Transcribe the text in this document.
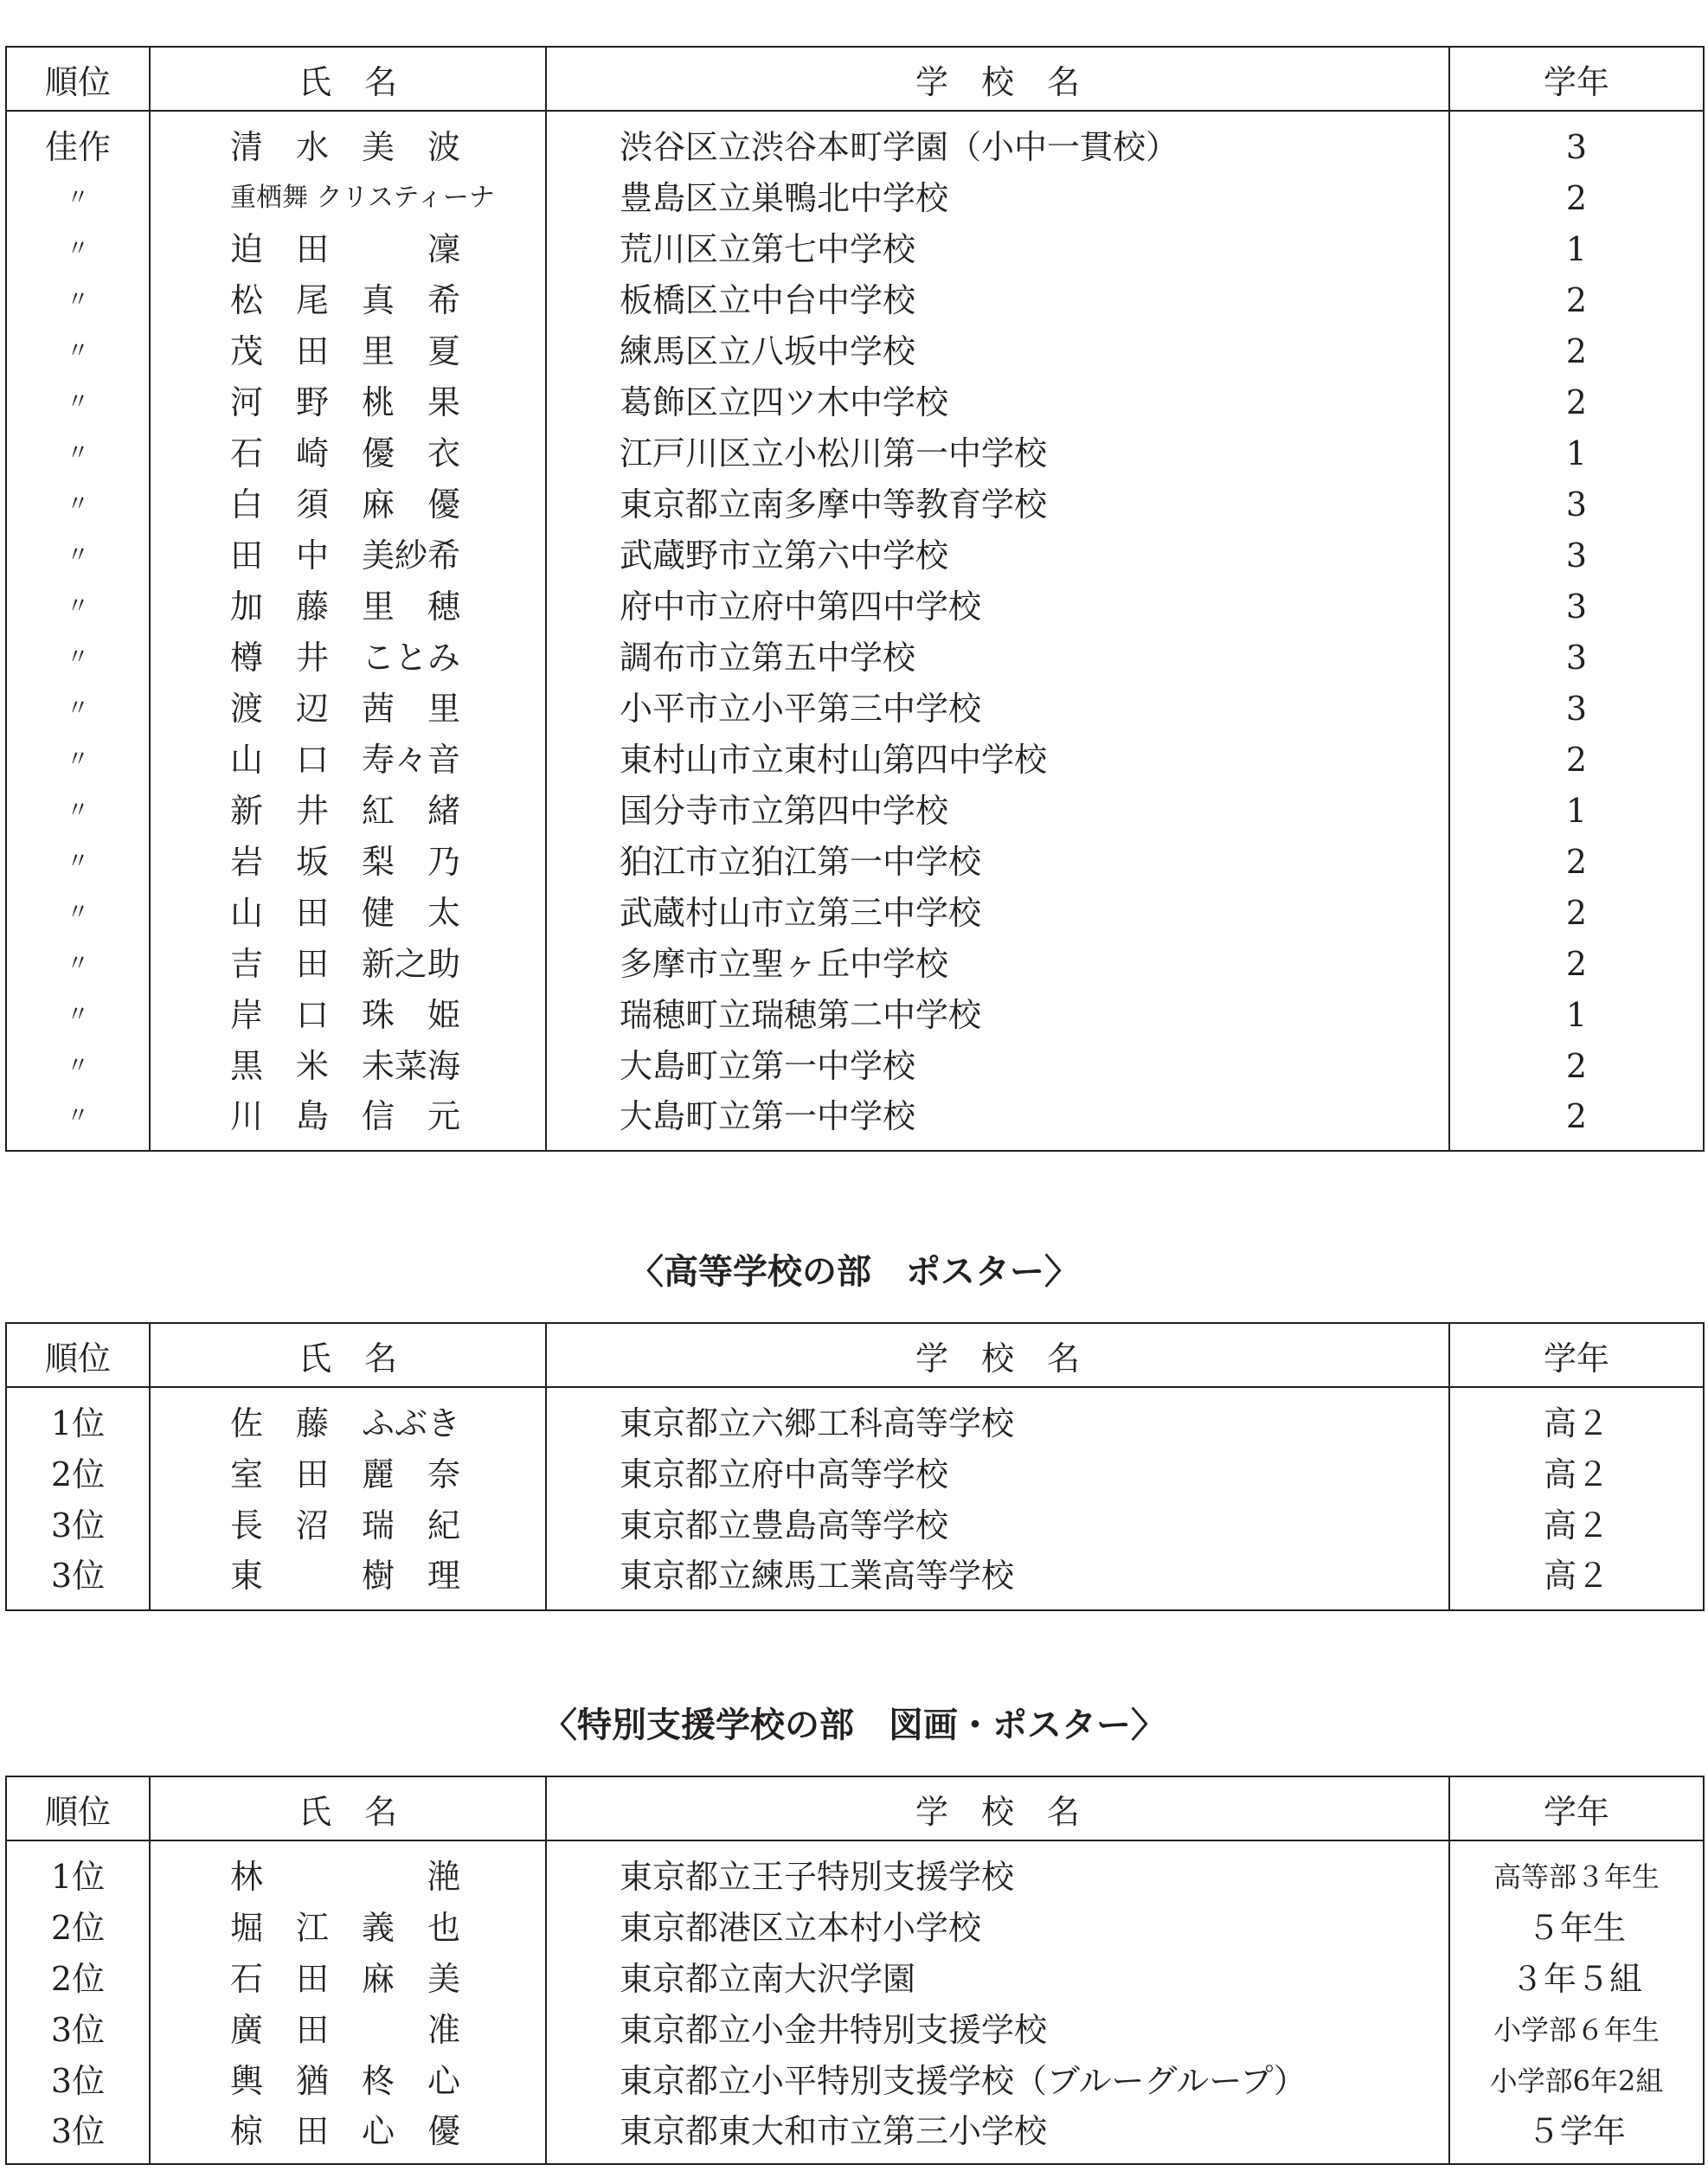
順位	氏　名	学　校　名	学年
佳作	清　水　美　波	渋谷区立渋谷本町学園（小中一貫校）	3
〃	重栖舞 クリスティーナ	豊島区立巣鴨北中学校	2
〃	迫　田　　　凜	荒川区立第七中学校	1
〃	松　尾　真　希	板橋区立中台中学校	2
〃	茂　田　里　夏	練馬区立八坂中学校	2
〃	河　野　桃　果	葛飾区立四ツ木中学校	2
〃	石　崎　優　衣	江戸川区立小松川第一中学校	1
〃	白　須　麻　優	東京都立南多摩中等教育学校	3
〃	田　中　美紗希	武蔵野市立第六中学校	3
〃	加　藤　里　穂	府中市立府中第四中学校	3
〃	樽　井　ことみ	調布市立第五中学校	3
〃	渡　辺　茜　里	小平市立小平第三中学校	3
〃	山　口　寿々音	東村山市立東村山第四中学校	2
〃	新　井　紅　緒	国分寺市立第四中学校	1
〃	岩　坂　梨　乃	狛江市立狛江第一中学校	2
〃	山　田　健　太	武蔵村山市立第三中学校	2
〃	吉　田　新之助	多摩市立聖ヶ丘中学校	2
〃	岸　口　珠　姫	瑞穂町立瑞穂第二中学校	1
〃	黒　米　未菜海	大島町立第一中学校	2
〃	川　島　信　元	大島町立第一中学校	2
〈高等学校の部　ポスター〉
順位	氏　名	学　校　名	学年
1位	佐　藤　ふぶき	東京都立六郷工科高等学校	高２
2位	室　田　麗　奈	東京都立府中高等学校	高２
3位	長　沼　瑞　紀	東京都立豊島高等学校	高２
3位	東　　　樹　理	東京都立練馬工業高等学校	高２
〈特別支援学校の部　図画・ポスター〉
順位	氏　名	学　校　名	学年
1位	林　　　　　滟	東京都立王子特別支援学校	高等部３年生
2位	堀　江　義　也	東京都港区立本村小学校	５年生
2位	石　田　麻　美	東京都立南大沢学園	３年５組
3位	廣　田　　　准	東京都立小金井特別支援学校	小学部６年生
3位	輿　猶　柊　心	東京都立小平特別支援学校（ブルーグループ）	小学部6年2組
3位	椋　田　心　優	東京都東大和市立第三小学校	５学年
